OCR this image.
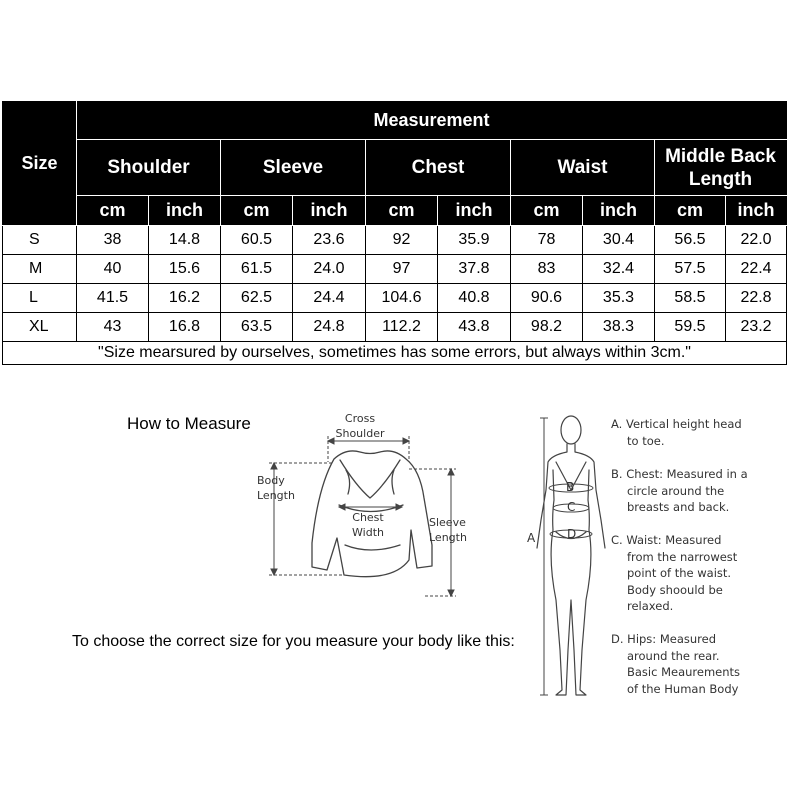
Size	Measurement									
	Shoulder		Sleeve		Chest		Waist		Middle Back
Length	
	cm	inch	cm	inch	cm	inch	cm	inch	cm	inch
S	38	14.8	60.5	23.6	92	35.9	78	30.4	56.5	22.0
M	40	15.6	61.5	24.0	97	37.8	83	32.4	57.5	22.4
L	41.5	16.2	62.5	24.4	104.6	40.8	90.6	35.3	58.5	22.8
XL	43	16.8	63.5	24.8	112.2	43.8	98.2	38.3	59.5	23.2
"Size mearsured by ourselves, sometimes has some errors, but always within 3cm."										
How to Measure
A
B
C
D
Cross
Shoulder
Body
Length
Chest
Width
Sleeve
Length
To choose the correct size for you measure your body like this:
A. Vertical height head
to toe.
B. Chest: Measured in a
circle around the
breasts and back.
C. Waist: Measured
from the narrowest
point of the waist.
Body shoould be
relaxed.
D. Hips: Measured
around the rear.
Basic Meaurements
of the Human Body
